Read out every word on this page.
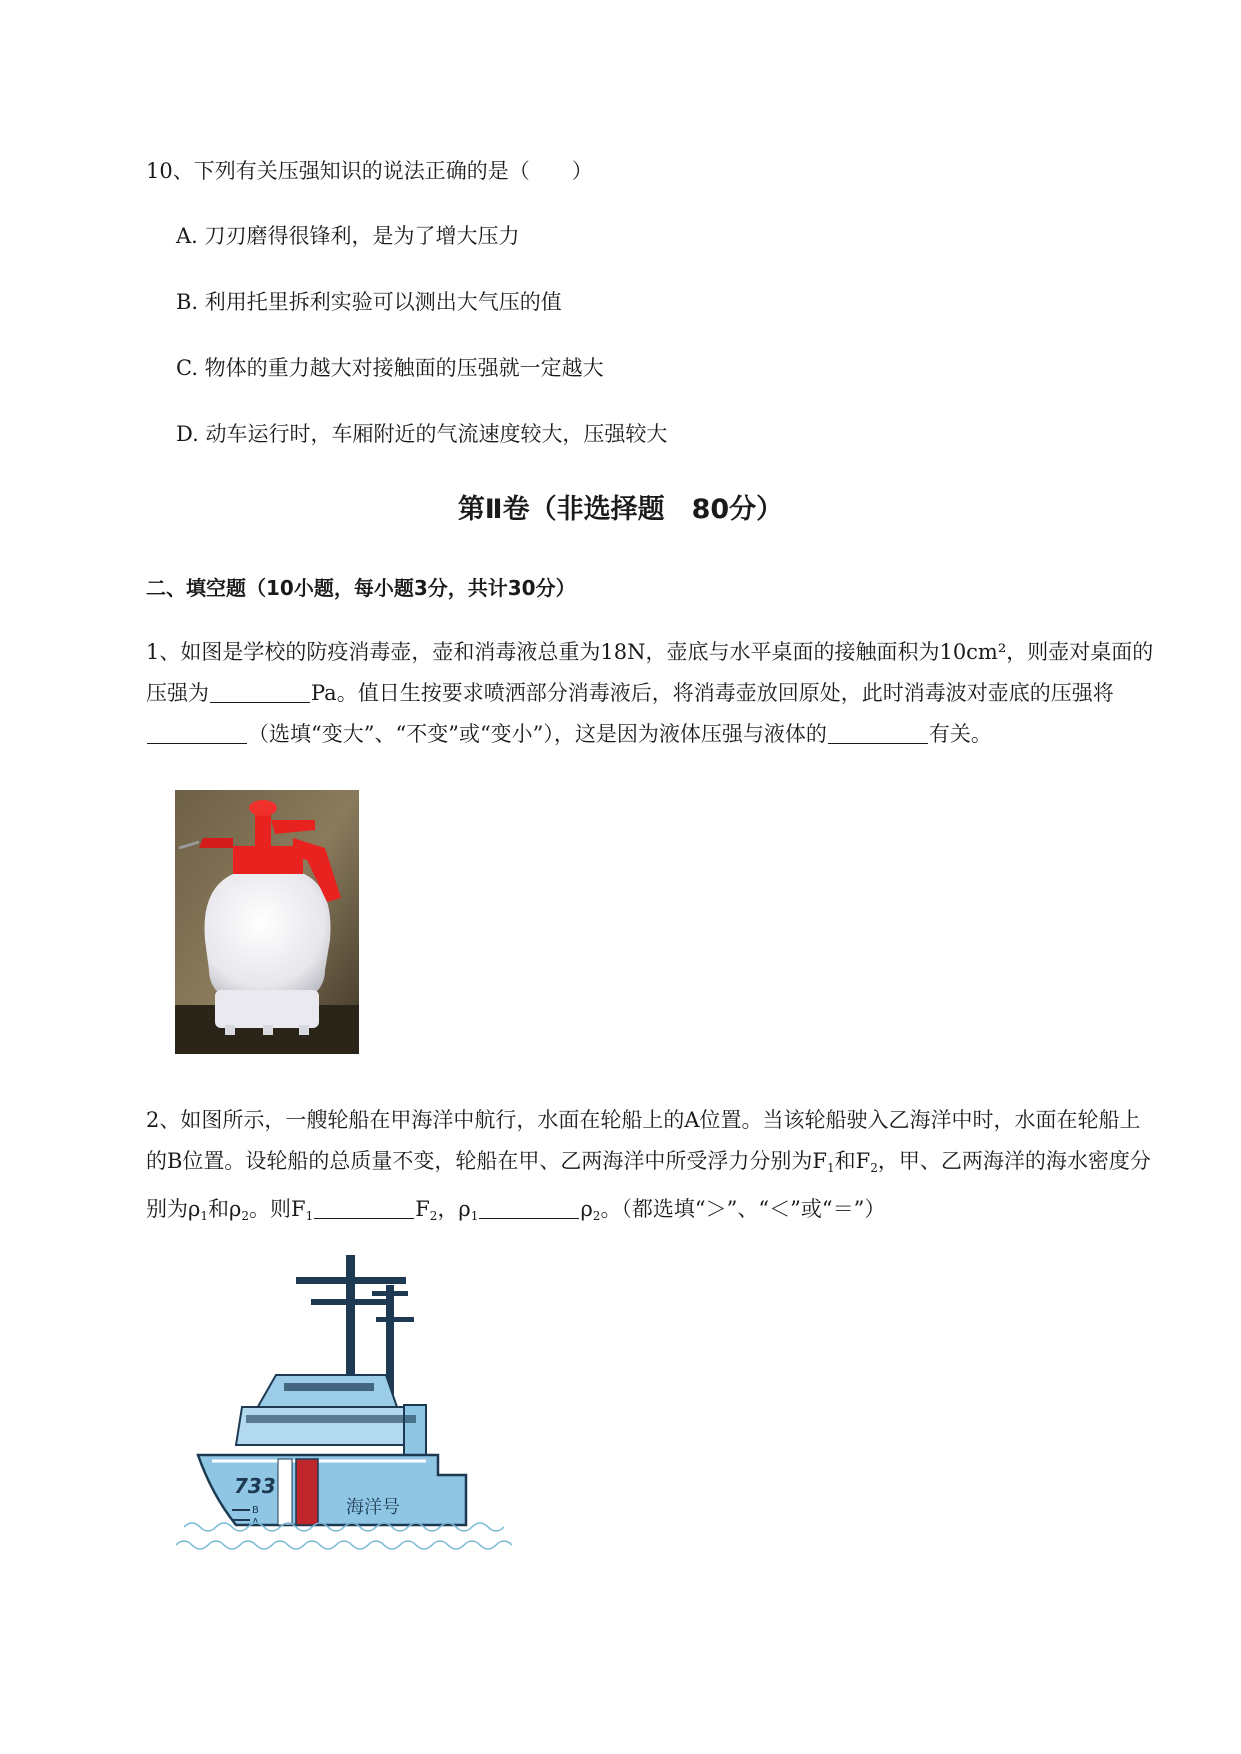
10、下列有关压强知识的说法正确的是（　　）
A. 刀刃磨得很锋利，是为了增大压力
B. 利用托里拆利实验可以测出大气压的值
C. 物体的重力越大对接触面的压强就一定越大
D. 动车运行时，车厢附近的气流速度较大，压强较大
第Ⅱ卷（非选择题　80分）
二、填空题（10小题，每小题3分，共计30分）
1、如图是学校的防疫消毒壶，壶和消毒液总重为18N，壶底与水平桌面的接触面积为10cm²，则壶对桌面的压强为	Pa。值日生按要求喷洒部分消毒液后，将消毒壶放回原处，此时消毒波对壶底的压强将（选填“变大”、“不变”或“变小”），这是因为液体压强与液体的	有关。
2、如图所示，一艘轮船在甲海洋中航行，水面在轮船上的A位置。当该轮船驶入乙海洋中时，水面在轮船上的B位置。设轮船的总质量不变，轮船在甲、乙两海洋中所受浮力分别为$F_1$和$F_2$，甲、乙两海洋的海水密度分别为$\rho_1$和$\rho_2$。则$F_1$	$F_2$，$\rho_1$	$\rho_2$。（都选填“＞”、“＜”或“＝”）
733
海洋号
B
A
